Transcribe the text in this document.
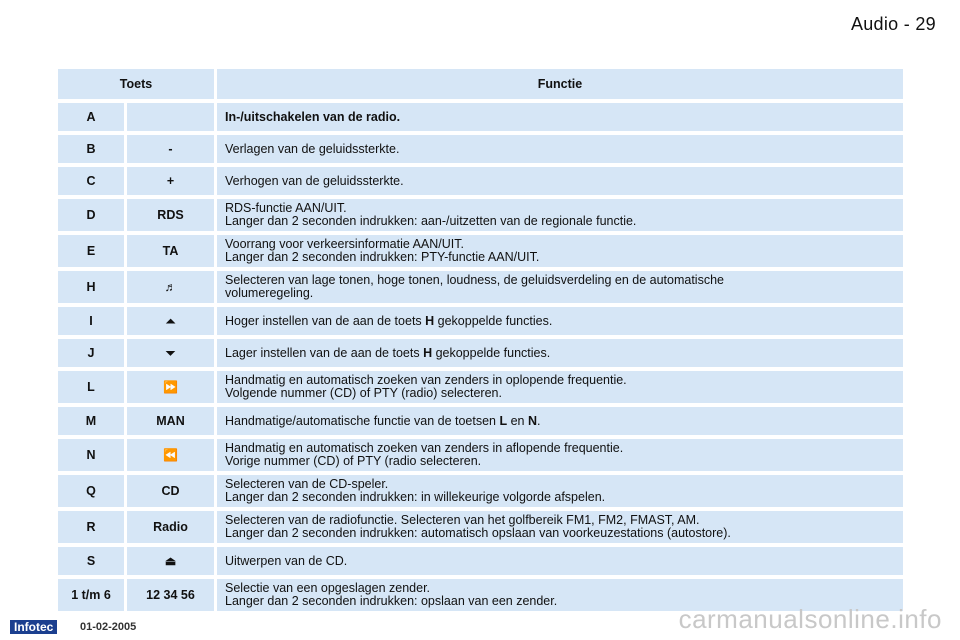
Audio - 29
Toets		Functie
A		In-/uitschakelen van de radio.
B	-	Verlagen van de geluidssterkte.
C	+	Verhogen van de geluidssterkte.
D	RDS	RDS-functie AAN/UIT.
Langer dan 2 seconden indrukken: aan-/uitzetten van de regionale functie.

E	TA	Voorrang voor verkeersinformatie AAN/UIT.
Langer dan 2 seconden indrukken: PTY-functie AAN/UIT.

H	♬	Selecteren van lage tonen, hoge tonen, loudness, de geluidsverdeling en de automatische
volumeregeling.

I	⏶	Hoger instellen van de aan de toets H gekoppelde functies.
J	⏷	Lager instellen van de aan de toets H gekoppelde functies.
L	⏩	Handmatig en automatisch zoeken van zenders in oplopende frequentie.
Volgende nummer (CD) of PTY (radio) selecteren.

M	MAN	Handmatige/automatische functie van de toetsen L en N.
N	⏪	Handmatig en automatisch zoeken van zenders in aflopende frequentie.
Vorige nummer (CD) of PTY (radio selecteren.

Q	CD	Selecteren van de CD-speler.
Langer dan 2 seconden indrukken: in willekeurige volgorde afspelen.

R	Radio	Selecteren van de radiofunctie. Selecteren van het golfbereik FM1, FM2, FMAST, AM.
Langer dan 2 seconden indrukken: automatisch opslaan van voorkeuzestations (autostore).

S	⏏	Uitwerpen van de CD.
1 t/m 6	12 34 56	Selectie van een opgeslagen zender.
Langer dan 2 seconden indrukken: opslaan van een zender.
Infotec	01-02-2005	carmanualsonline.info
